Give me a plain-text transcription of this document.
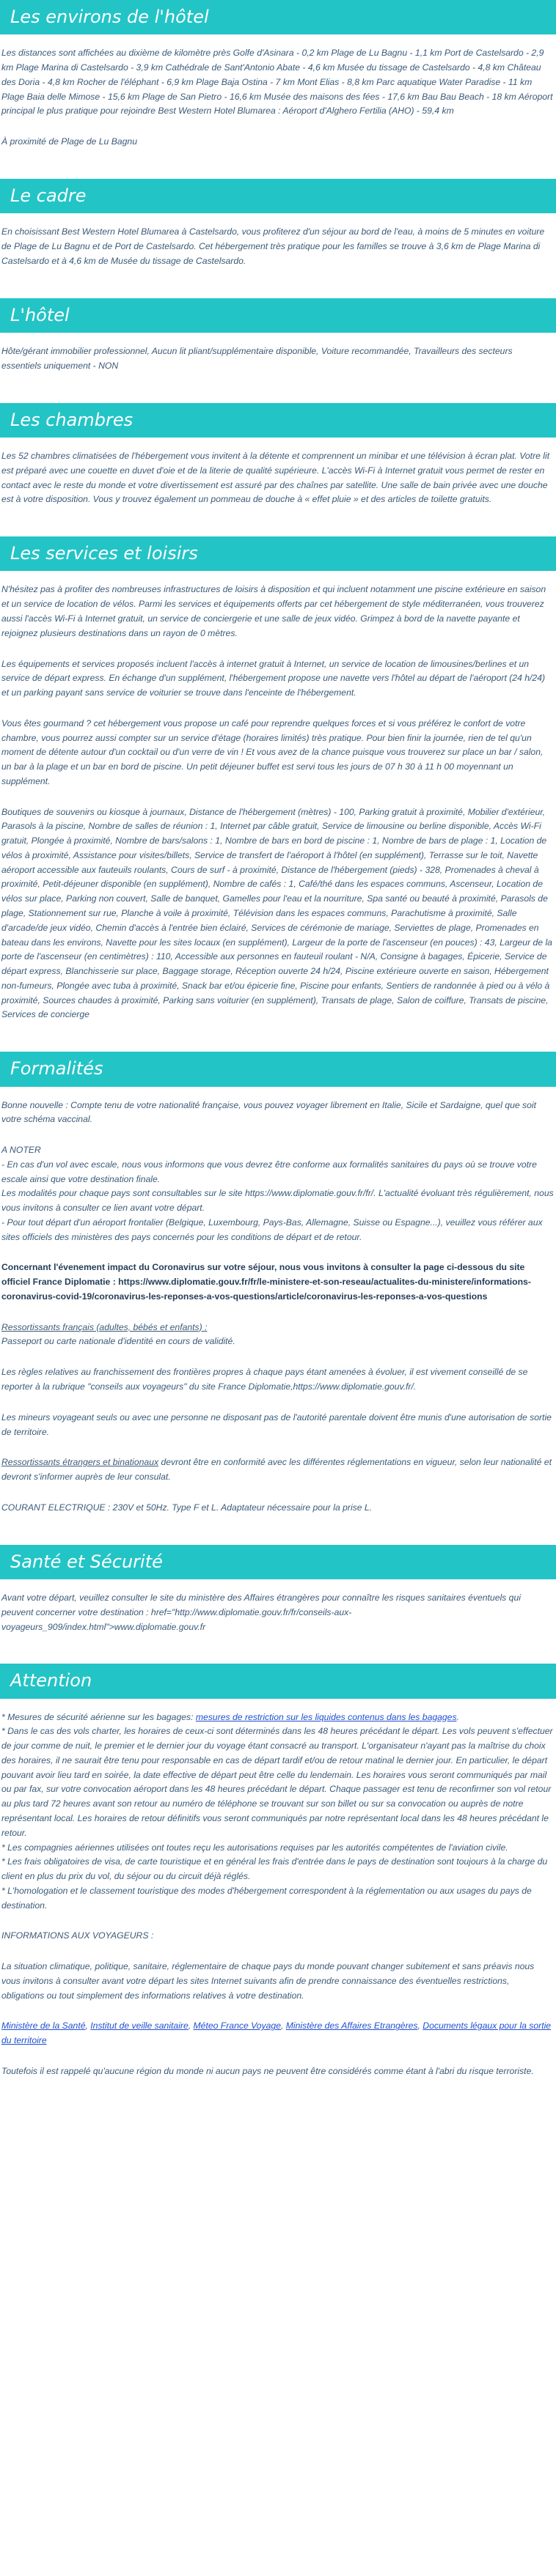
Les environs de l'hôtel

Les distances sont affichées au dixième de kilomètre près Golfe d'Asinara - 0,2 km Plage de Lu Bagnu - 1,1 km Port de Castelsardo - 2,9 km Plage Marina di Castelsardo - 3,9 km Cathédrale de Sant'Antonio Abate - 4,6 km Musée du tissage de Castelsardo - 4,8 km Château des Doria - 4,8 km Rocher de l'éléphant - 6,9 km Plage Baja Ostina - 7 km Mont Elias - 8,8 km Parc aquatique Water Paradise - 11 km Plage Baia delle Mimose - 15,6 km Plage de San Pietro - 16,6 km Musée des maisons des fées - 17,6 km Bau Bau Beach - 18 km Aéroport principal le plus pratique pour rejoindre Best Western Hotel Blumarea : Aéroport d'Alghero Fertilia (AHO) - 59,4 km

À proximité de Plage de Lu Bagnu

Le cadre

En choisissant Best Western Hotel Blumarea à Castelsardo, vous profiterez d'un séjour au bord de l'eau, à moins de 5 minutes en voiture de Plage de Lu Bagnu et de Port de Castelsardo. Cet hébergement très pratique pour les familles se trouve à 3,6 km de Plage Marina di Castelsardo et à 4,6 km de Musée du tissage de Castelsardo.

L'hôtel

Hôte/gérant immobilier professionnel, Aucun lit pliant/supplémentaire disponible, Voiture recommandée, Travailleurs des secteurs essentiels uniquement - NON

Les chambres

Les 52 chambres climatisées de l'hébergement vous invitent à la détente et comprennent un minibar et une télévision à écran plat. Votre lit est préparé avec une couette en duvet d'oie et de la literie de qualité supérieure. L'accès Wi-Fi à Internet gratuit vous permet de rester en contact avec le reste du monde et votre divertissement est assuré par des chaînes par satellite. Une salle de bain privée avec une douche est à votre disposition. Vous y trouvez également un pommeau de douche à « effet pluie » et des articles de toilette gratuits.

Les services et loisirs

N'hésitez pas à profiter des nombreuses infrastructures de loisirs à disposition et qui incluent notamment une piscine extérieure en saison et un service de location de vélos. Parmi les services et équipements offerts par cet hébergement de style méditerranéen, vous trouverez aussi l'accès Wi-Fi à Internet gratuit, un service de conciergerie et une salle de jeux vidéo. Grimpez à bord de la navette payante et rejoignez plusieurs destinations dans un rayon de 0 mètres.

Les équipements et services proposés incluent l'accès à internet gratuit à Internet, un service de location de limousines/berlines et un service de départ express. En échange d'un supplément, l'hébergement propose une navette vers l'hôtel au départ de l'aéroport (24 h/24) et un parking payant sans service de voiturier se trouve dans l'enceinte de l'hébergement.

Vous êtes gourmand ? cet hébergement vous propose un café pour reprendre quelques forces et si vous préférez le confort de votre chambre, vous pourrez aussi compter sur un service d'étage (horaires limités) très pratique. Pour bien finir la journée, rien de tel qu'un moment de détente autour d'un cocktail ou d'un verre de vin ! Et vous avez de la chance puisque vous trouverez sur place un bar / salon, un bar à la plage et un bar en bord de piscine. Un petit déjeuner buffet est servi tous les jours de 07 h 30 à 11 h 00 moyennant un supplément.

Boutiques de souvenirs ou kiosque à journaux, Distance de l'hébergement (mètres) - 100, Parking gratuit à proximité, Mobilier d'extérieur, Parasols à la piscine, Nombre de salles de réunion : 1, Internet par câble gratuit, Service de limousine ou berline disponible, Accès Wi-Fi gratuit, Plongée à proximité, Nombre de bars/salons : 1, Nombre de bars en bord de piscine : 1, Nombre de bars de plage : 1, Location de vélos à proximité, Assistance pour visites/billets, Service de transfert de l'aéroport à l'hôtel (en supplément), Terrasse sur le toit, Navette aéroport accessible aux fauteuils roulants, Cours de surf - à proximité, Distance de l'hébergement (pieds) - 328, Promenades à cheval à proximité, Petit-déjeuner disponible (en supplément), Nombre de cafés : 1, Café/thé dans les espaces communs, Ascenseur, Location de vélos sur place, Parking non couvert, Salle de banquet, Gamelles pour l'eau et la nourriture, Spa santé ou beauté à proximité, Parasols de plage, Stationnement sur rue, Planche à voile à proximité, Télévision dans les espaces communs, Parachutisme à proximité, Salle d'arcade/de jeux vidéo, Chemin d'accès à l'entrée bien éclairé, Services de cérémonie de mariage, Serviettes de plage, Promenades en bateau dans les environs, Navette pour les sites locaux (en supplément), Largeur de la porte de l'ascenseur (en pouces) : 43, Largeur de la porte de l'ascenseur (en centimètres) : 110, Accessible aux personnes en fauteuil roulant - N/A, Consigne à bagages, Épicerie, Service de départ express, Blanchisserie sur place, Baggage storage, Réception ouverte 24 h/24, Piscine extérieure ouverte en saison, Hébergement non-fumeurs, Plongée avec tuba à proximité, Snack bar et/ou épicerie fine, Piscine pour enfants, Sentiers de randonnée à pied ou à vélo à proximité, Sources chaudes à proximité, Parking sans voiturier (en supplément), Transats de plage, Salon de coiffure, Transats de piscine, Services de concierge

Formalités

Bonne nouvelle : Compte tenu de votre nationalité française, vous pouvez voyager librement en Italie, Sicile et Sardaigne, quel que soit votre schéma vaccinal.

A NOTER

- En cas d'un vol avec escale, nous vous informons que vous devrez être conforme aux formalités sanitaires du pays où se trouve votre escale ainsi que votre destination finale.

Les modalités pour chaque pays sont consultables sur le site https://www.diplomatie.gouv.fr/fr/. L'actualité évoluant très régulièrement, nous vous invitons à consulter ce lien avant votre départ.

- Pour tout départ d'un aéroport frontalier (Belgique, Luxembourg, Pays-Bas, Allemagne, Suisse ou Espagne...), veuillez vous référer aux sites officiels des ministères des pays concernés pour les conditions de départ et de retour.

Concernant l'évenement impact du Coronavirus sur votre séjour, nous vous invitons à consulter la page ci-dessous du site officiel France Diplomatie : https://www.diplomatie.gouv.fr/fr/le-ministere-et-son-reseau/actualites-du-ministere/informations-coronavirus-covid-19/coronavirus-les-reponses-a-vos-questions/article/coronavirus-les-reponses-a-vos-questions

Ressortissants français (adultes, bébés et enfants) :

Passeport ou carte nationale d'identité en cours de validité.

Les règles relatives au franchissement des frontières propres à chaque pays étant amenées à évoluer, il est vivement conseillé de se reporter à la rubrique "conseils aux voyageurs" du site France Diplomatie,https://www.diplomatie.gouv.fr/.

Les mineurs voyageant seuls ou avec une personne ne disposant pas de l'autorité parentale doivent être munis d'une autorisation de sortie de territoire.

Ressortissants étrangers et binationaux devront être en conformité avec les différentes réglementations en vigueur, selon leur nationalité et devront s'informer auprès de leur consulat.

COURANT ELECTRIQUE : 230V et 50Hz. Type F et L. Adaptateur nécessaire pour la prise L.

Santé et Sécurité

Avant votre départ, veuillez consulter le site du ministère des Affaires étrangères pour connaître les risques sanitaires éventuels qui peuvent concerner votre destination : href="http://www.diplomatie.gouv.fr/fr/conseils-aux-voyageurs_909/index.html">www.diplomatie.gouv.fr

Attention

* Mesures de sécurité aérienne sur les bagages: mesures de restriction sur les liquides contenus dans les bagages.

* Dans le cas des vols charter, les horaires de ceux-ci sont déterminés dans les 48 heures précédant le départ. Les vols peuvent s'effectuer de jour comme de nuit, le premier et le dernier jour du voyage étant consacré au transport. L'organisateur n'ayant pas la maîtrise du choix des horaires, il ne saurait être tenu pour responsable en cas de départ tardif et/ou de retour matinal le dernier jour. En particulier, le départ pouvant avoir lieu tard en soirée, la date effective de départ peut être celle du lendemain. Les horaires vous seront communiqués par mail ou par fax, sur votre convocation aéroport dans les 48 heures précédant le départ. Chaque passager est tenu de reconfirmer son vol retour au plus tard 72 heures avant son retour au numéro de téléphone se trouvant sur son billet ou sur sa convocation ou auprès de notre représentant local. Les horaires de retour définitifs vous seront communiqués par notre représentant local dans les 48 heures précédant le retour.

* Les compagnies aériennes utilisées ont toutes reçu les autorisations requises par les autorités compétentes de l'aviation civile.

* Les frais obligatoires de visa, de carte touristique et en général les frais d'entrée dans le pays de destination sont toujours à la charge du client en plus du prix du vol, du séjour ou du circuit déjà réglés.

* L'homologation et le classement touristique des modes d'hébergement correspondent à la réglementation ou aux usages du pays de destination.

INFORMATIONS AUX VOYAGEURS :

La situation climatique, politique, sanitaire, réglementaire de chaque pays du monde pouvant changer subitement et sans préavis nous vous invitons à consulter avant votre départ les sites Internet suivants afin de prendre connaissance des éventuelles restrictions, obligations ou tout simplement des informations relatives à votre destination.

Ministère de la Santé, Institut de veille sanitaire, Méteo France Voyage, Ministère des Affaires Etrangères, Documents légaux pour la sortie du territoire

Toutefois il est rappelé qu'aucune région du monde ni aucun pays ne peuvent être considérés comme étant à l'abri du risque terroriste.
